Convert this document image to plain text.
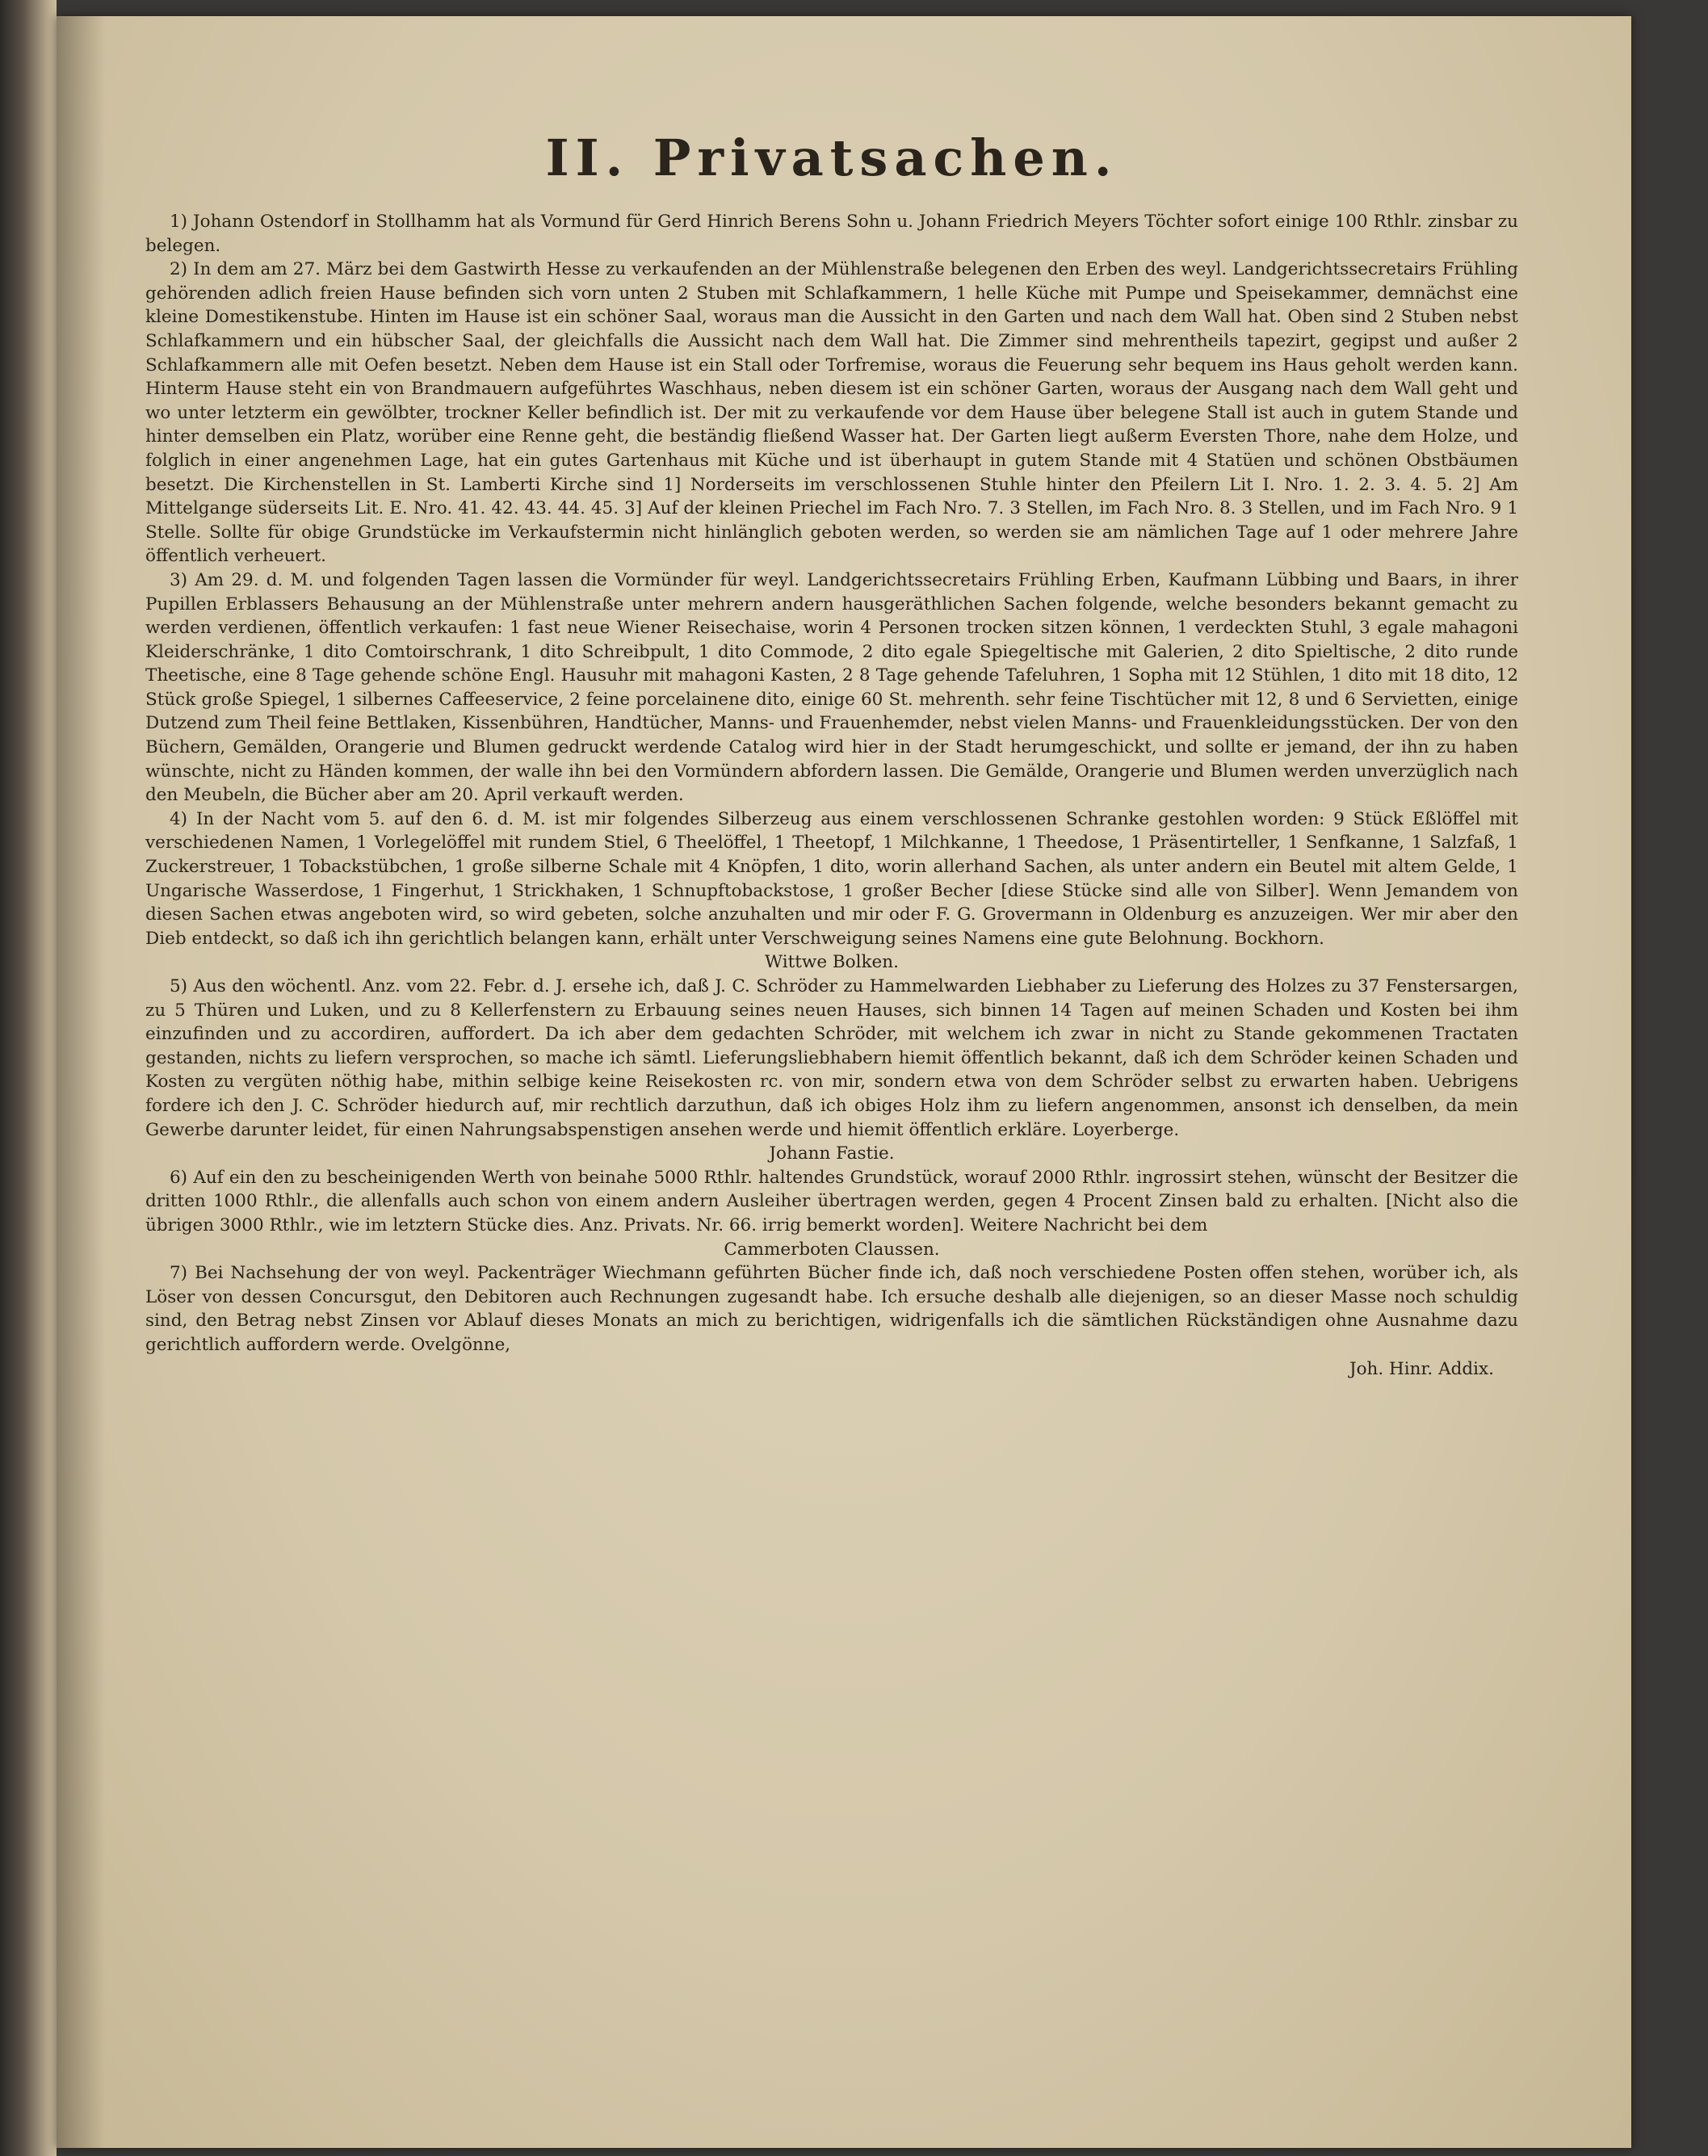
II. Privatsachen.

1) Johann Ostendorf in Stollhamm hat als Vormund für Gerd Hinrich Berens Sohn u. Johann Friedrich Meyers Töchter sofort einige 100 Rthlr. zinsbar zu belegen.

2) In dem am 27. März bei dem Gastwirth Hesse zu verkaufenden an der Mühlenstraße belegenen den Erben des weyl. Landgerichtssecretairs Frühling gehörenden adlich freien Hause befinden sich vorn unten 2 Stuben mit Schlafkammern, 1 helle Küche mit Pumpe und Speisekammer, demnächst eine kleine Domestikenstube. Hinten im Hause ist ein schöner Saal, woraus man die Aussicht in den Garten und nach dem Wall hat. Oben sind 2 Stuben nebst Schlafkammern und ein hübscher Saal, der gleichfalls die Aussicht nach dem Wall hat. Die Zimmer sind mehrentheils tapezirt, gegipst und außer 2 Schlafkammern alle mit Oefen besetzt. Neben dem Hause ist ein Stall oder Torfremise, woraus die Feuerung sehr bequem ins Haus geholt werden kann. Hinterm Hause steht ein von Brandmauern aufgeführtes Waschhaus, neben diesem ist ein schöner Garten, woraus der Ausgang nach dem Wall geht und wo unter letzterm ein gewölbter, trockner Keller befindlich ist. Der mit zu verkaufende vor dem Hause über belegene Stall ist auch in gutem Stande und hinter demselben ein Platz, worüber eine Renne geht, die beständig fließend Wasser hat. Der Garten liegt außerm Eversten Thore, nahe dem Holze, und folglich in einer angenehmen Lage, hat ein gutes Gartenhaus mit Küche und ist überhaupt in gutem Stande mit 4 Statüen und schönen Obstbäumen besetzt. Die Kirchenstellen in St. Lamberti Kirche sind 1] Norderseits im verschlossenen Stuhle hinter den Pfeilern Lit I. Nro. 1. 2. 3. 4. 5. 2] Am Mittelgange süderseits Lit. E. Nro. 41. 42. 43. 44. 45. 3] Auf der kleinen Priechel im Fach Nro. 7. 3 Stellen, im Fach Nro. 8. 3 Stellen, und im Fach Nro. 9 1 Stelle. Sollte für obige Grundstücke im Verkaufstermin nicht hinlänglich geboten werden, so werden sie am nämlichen Tage auf 1 oder mehrere Jahre öffentlich verheuert.

3) Am 29. d. M. und folgenden Tagen lassen die Vormünder für weyl. Landgerichtssecretairs Frühling Erben, Kaufmann Lübbing und Baars, in ihrer Pupillen Erblassers Behausung an der Mühlenstraße unter mehrern andern hausgeräthlichen Sachen folgende, welche besonders bekannt gemacht zu werden verdienen, öffentlich verkaufen: 1 fast neue Wiener Reisechaise, worin 4 Personen trocken sitzen können, 1 verdeckten Stuhl, 3 egale mahagoni Kleiderschränke, 1 dito Comtoirschrank, 1 dito Schreibpult, 1 dito Commode, 2 dito egale Spiegeltische mit Galerien, 2 dito Spieltische, 2 dito runde Theetische, eine 8 Tage gehende schöne Engl. Hausuhr mit mahagoni Kasten, 2 8 Tage gehende Tafeluhren, 1 Sopha mit 12 Stühlen, 1 dito mit 18 dito, 12 Stück große Spiegel, 1 silbernes Caffeeservice, 2 feine porcelainene dito, einige 60 St. mehrenth. sehr feine Tischtücher mit 12, 8 und 6 Servietten, einige Dutzend zum Theil feine Bettlaken, Kissenbühren, Handtücher, Manns- und Frauenhemder, nebst vielen Manns- und Frauenkleidungsstücken. Der von den Büchern, Gemälden, Orangerie und Blumen gedruckt werdende Catalog wird hier in der Stadt herumgeschickt, und sollte er jemand, der ihn zu haben wünschte, nicht zu Händen kommen, der walle ihn bei den Vormündern abfordern lassen. Die Gemälde, Orangerie und Blumen werden unverzüglich nach den Meubeln, die Bücher aber am 20. April verkauft werden.

4) In der Nacht vom 5. auf den 6. d. M. ist mir folgendes Silberzeug aus einem verschlossenen Schranke gestohlen worden: 9 Stück Eßlöffel mit verschiedenen Namen, 1 Vorlegelöffel mit rundem Stiel, 6 Theelöffel, 1 Theetopf, 1 Milchkanne, 1 Theedose, 1 Präsentirteller, 1 Senfkanne, 1 Salzfaß, 1 Zuckerstreuer, 1 Tobackstübchen, 1 große silberne Schale mit 4 Knöpfen, 1 dito, worin allerhand Sachen, als unter andern ein Beutel mit altem Gelde, 1 Ungarische Wasserdose, 1 Fingerhut, 1 Strickhaken, 1 Schnupftobackstose, 1 großer Becher [diese Stücke sind alle von Silber]. Wenn Jemandem von diesen Sachen etwas angeboten wird, so wird gebeten, solche anzuhalten und mir oder F. G. Grovermann in Oldenburg es anzuzeigen. Wer mir aber den Dieb entdeckt, so daß ich ihn gerichtlich belangen kann, erhält unter Verschweigung seines Namens eine gute Belohnung. Bockhorn.

Wittwe Bolken.

5) Aus den wöchentl. Anz. vom 22. Febr. d. J. ersehe ich, daß J. C. Schröder zu Hammelwarden Liebhaber zu Lieferung des Holzes zu 37 Fenstersargen, zu 5 Thüren und Luken, und zu 8 Kellerfenstern zu Erbauung seines neuen Hauses, sich binnen 14 Tagen auf meinen Schaden und Kosten bei ihm einzufinden und zu accordiren, auffordert. Da ich aber dem gedachten Schröder, mit welchem ich zwar in nicht zu Stande gekommenen Tractaten gestanden, nichts zu liefern versprochen, so mache ich sämtl. Lieferungsliebhabern hiemit öffentlich bekannt, daß ich dem Schröder keinen Schaden und Kosten zu vergüten nöthig habe, mithin selbige keine Reisekosten rc. von mir, sondern etwa von dem Schröder selbst zu erwarten haben. Uebrigens fordere ich den J. C. Schröder hiedurch auf, mir rechtlich darzuthun, daß ich obiges Holz ihm zu liefern angenommen, ansonst ich denselben, da mein Gewerbe darunter leidet, für einen Nahrungsabspenstigen ansehen werde und hiemit öffentlich erkläre. Loyerberge.

Johann Fastie.

6) Auf ein den zu bescheinigenden Werth von beinahe 5000 Rthlr. haltendes Grundstück, worauf 2000 Rthlr. ingrossirt stehen, wünscht der Besitzer die dritten 1000 Rthlr., die allenfalls auch schon von einem andern Ausleiher übertragen werden, gegen 4 Procent Zinsen bald zu erhalten. [Nicht also die übrigen 3000 Rthlr., wie im letztern Stücke dies. Anz. Privats. Nr. 66. irrig bemerkt worden]. Weitere Nachricht bei dem

Cammerboten Claussen.

7) Bei Nachsehung der von weyl. Packenträger Wiechmann geführten Bücher finde ich, daß noch verschiedene Posten offen stehen, worüber ich, als Löser von dessen Concursgut, den Debitoren auch Rechnungen zugesandt habe. Ich ersuche deshalb alle diejenigen, so an dieser Masse noch schuldig sind, den Betrag nebst Zinsen vor Ablauf dieses Monats an mich zu berichtigen, widrigenfalls ich die sämtlichen Rückständigen ohne Ausnahme dazu gerichtlich auffordern werde. Ovelgönne,

Joh. Hinr. Addix.
